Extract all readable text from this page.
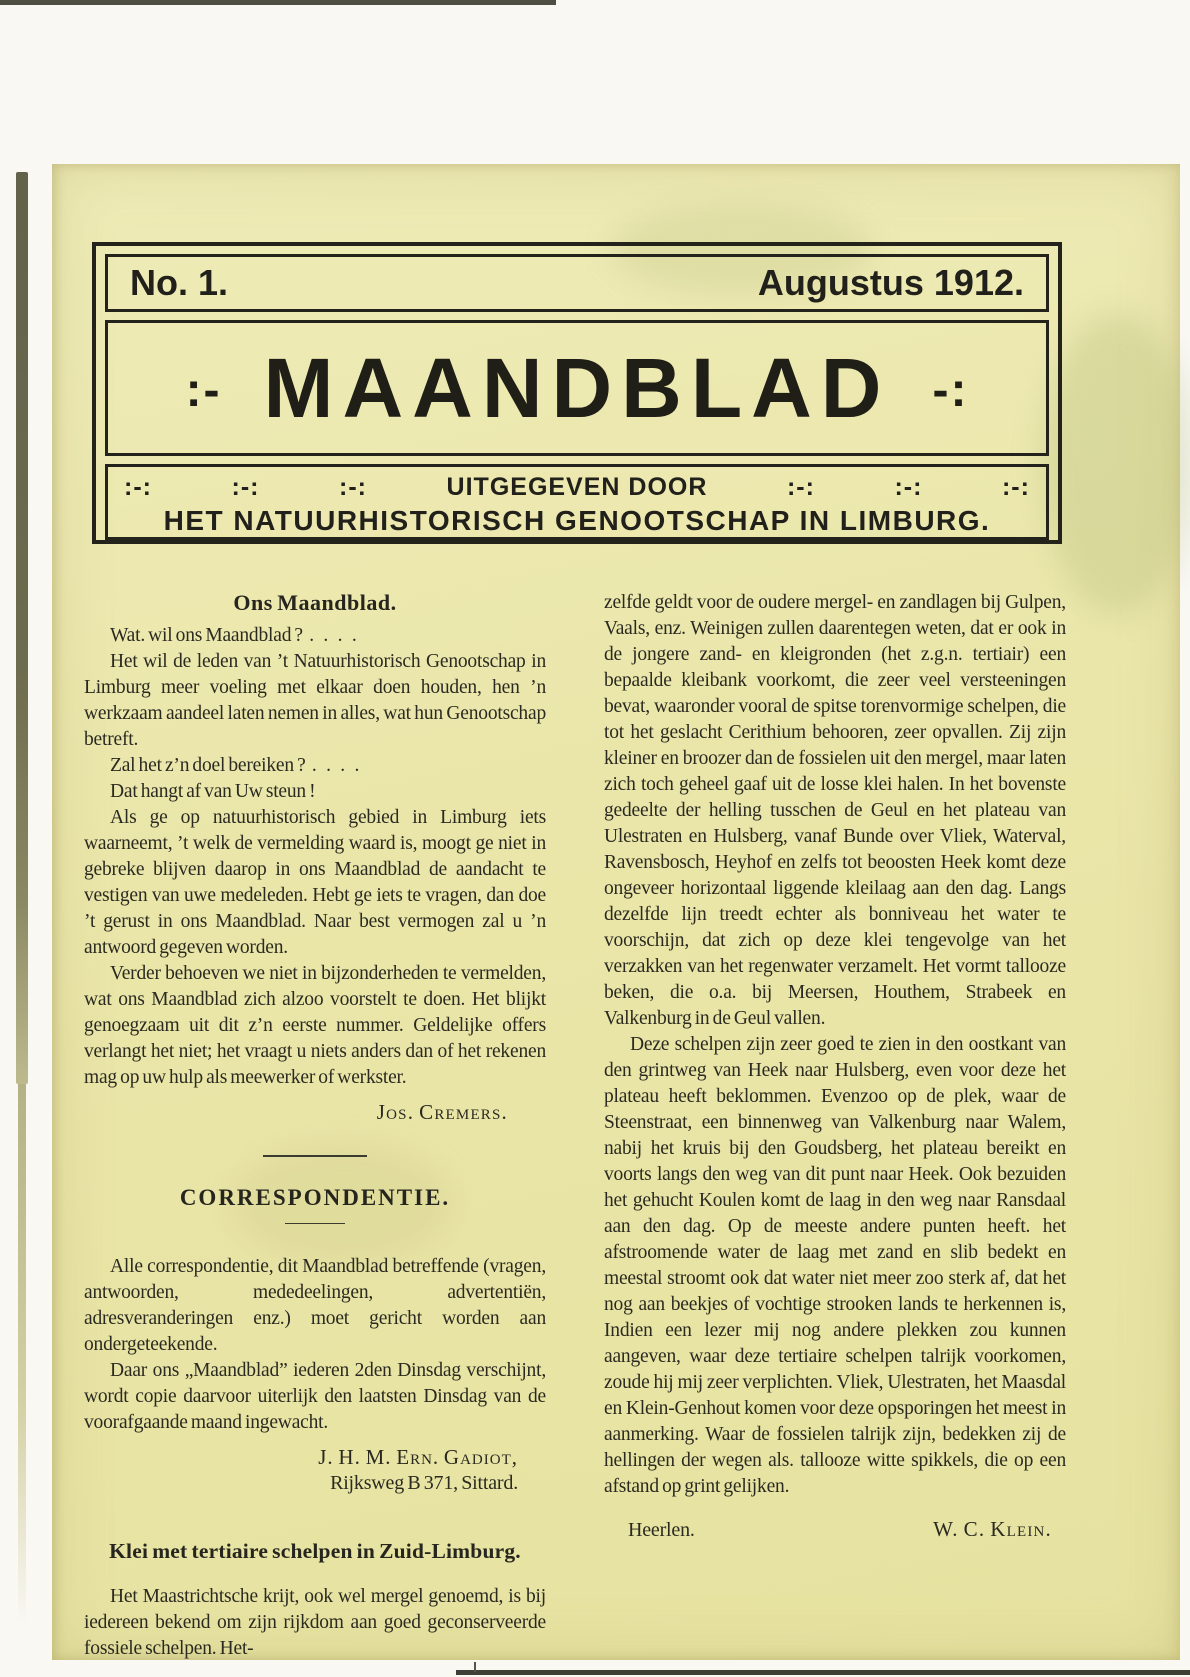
No. 1.	Augustus 1912.
:- MAANDBLAD -:
:-:	:-:	:-:	UITGEGEVEN DOOR	:-:	:-:	:-:
HET NATUURHISTORISCH GENOOTSCHAP IN LIMBURG.
Ons Maandblad.

Wat. wil ons Maandblad ?  .   .   .   .

Het wil de leden van ’t Natuurhistorisch Genootschap in Limburg meer voeling met elkaar doen houden, hen ’n werkzaam aandeel laten nemen in alles, wat hun Genootschap betreft.

Zal het z’n doel bereiken ?  .   .   .   .

Dat hangt af van Uw steun !

Als ge op natuurhistorisch gebied in Limburg iets waarneemt, ’t welk de vermelding waard is, moogt ge niet in gebreke blijven daarop in ons Maandblad de aandacht te vestigen van uwe medeleden. Hebt ge iets te vragen, dan doe ’t gerust in ons Maandblad. Naar best vermogen zal u ’n antwoord gegeven worden.

Verder behoeven we niet in bijzonderheden te vermelden, wat ons Maandblad zich alzoo voorstelt te doen. Het blijkt genoegzaam uit dit z’n eerste nummer. Geldelijke offers verlangt het niet; het vraagt u niets anders dan of het rekenen mag op uw hulp als meewerker of werkster.

Jos. Cremers.
CORRESPONDENTIE.

Alle correspondentie, dit Maandblad betreffende (vragen, antwoorden, mededeelingen, advertentiën, adresveranderingen enz.) moet gericht worden aan ondergeteekende.

Daar ons „Maandblad” iederen 2den Dinsdag verschijnt, wordt copie daarvoor uiterlijk den laatsten Dinsdag van de voorafgaande maand ingewacht.

J. H. M. Ern. Gadiot,
Rijksweg B 371, Sittard.
Klei met tertiaire schelpen in Zuid-Limburg.

Het Maastrichtsche krijt, ook wel mergel genoemd, is bij iedereen bekend om zijn rijkdom aan goed geconserveerde fossiele schelpen. Het-

zelfde geldt voor de oudere mergel- en zandlagen bij Gulpen, Vaals, enz. Weinigen zullen daarentegen weten, dat er ook in de jongere zand- en kleigronden (het z.g.n. tertiair) een bepaalde kleibank voorkomt, die zeer veel versteeningen bevat, waaronder vooral de spitse torenvormige schelpen, die tot het geslacht Cerithium behooren, zeer opvallen. Zij zijn kleiner en broozer dan de fossielen uit den mergel, maar laten zich toch geheel gaaf uit de losse klei halen. In het bovenste gedeelte der helling tusschen de Geul en het plateau van Ulestraten en Hulsberg, vanaf Bunde over Vliek, Waterval, Ravensbosch, Heyhof en zelfs tot beoosten Heek komt deze ongeveer horizontaal liggende kleilaag aan den dag. Langs dezelfde lijn treedt echter als bonniveau het water te voorschijn, dat zich op deze klei tengevolge van het verzakken van het regenwater verzamelt. Het vormt tallooze beken, die o.a. bij Meersen, Houthem, Strabeek en Valkenburg in de Geul vallen.

Deze schelpen zijn zeer goed te zien in den oostkant van den grintweg van Heek naar Hulsberg, even voor deze het plateau heeft beklommen. Evenzoo op de plek, waar de Steenstraat, een binnenweg van Valkenburg naar Walem, nabij het kruis bij den Goudsberg, het plateau bereikt en voorts langs den weg van dit punt naar Heek. Ook bezuiden het gehucht Koulen komt de laag in den weg naar Ransdaal aan den dag. Op de meeste andere punten heeft. het afstroomende water de laag met zand en slib bedekt en meestal stroomt ook dat water niet meer zoo sterk af, dat het nog aan beekjes of vochtige strooken lands te herkennen is, Indien een lezer mij nog andere plekken zou kunnen aangeven, waar deze tertiaire schelpen talrijk voorkomen, zoude hij mij zeer verplichten. Vliek, Ulestraten, het Maasdal en Klein-Genhout komen voor deze opsporingen het meest in aanmerking. Waar de fossielen talrijk zijn, bedekken zij de hellingen der wegen als. tallooze witte spikkels, die op een afstand op grint gelijken.

Heerlen.	W. C. Klein.
